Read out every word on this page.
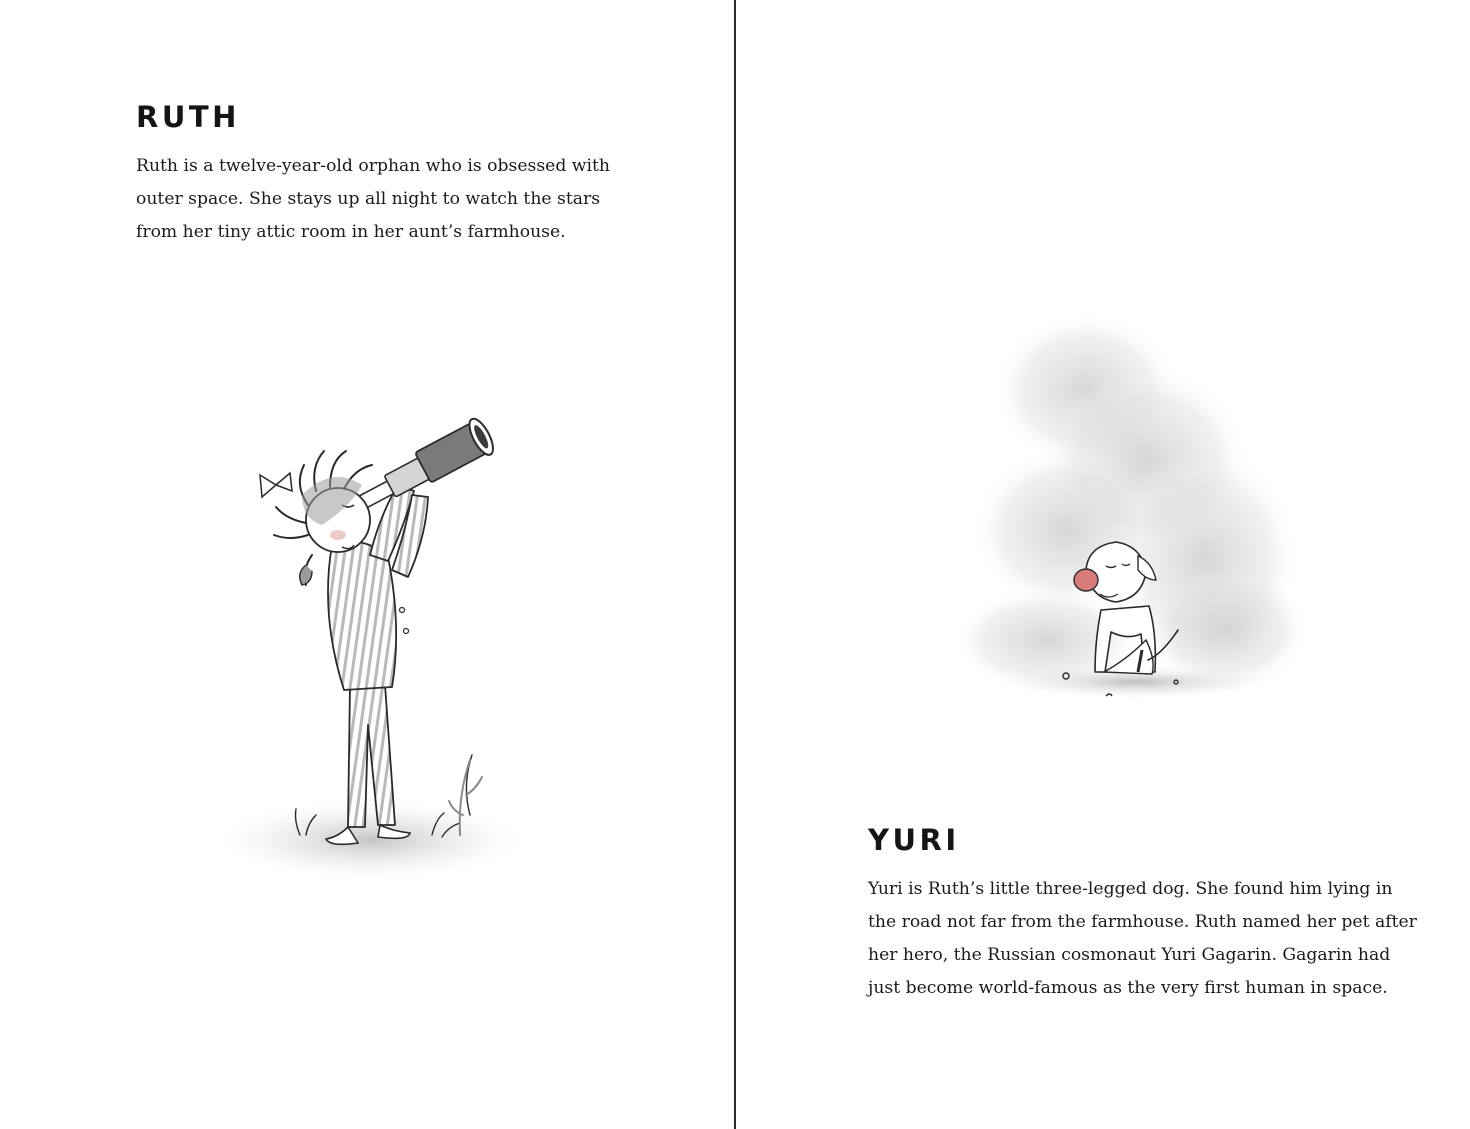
RUTH

Ruth is a twelve-year-old orphan who is obsessed with
outer space. She stays up all night to watch the stars
from her tiny attic room in her aunt’s farmhouse.

YURI

Yuri is Ruth’s little three-legged dog. She found him lying in
the road not far from the farmhouse. Ruth named her pet after
her hero, the Russian cosmonaut Yuri Gagarin. Gagarin had
just become world-famous as the very first human in space.
